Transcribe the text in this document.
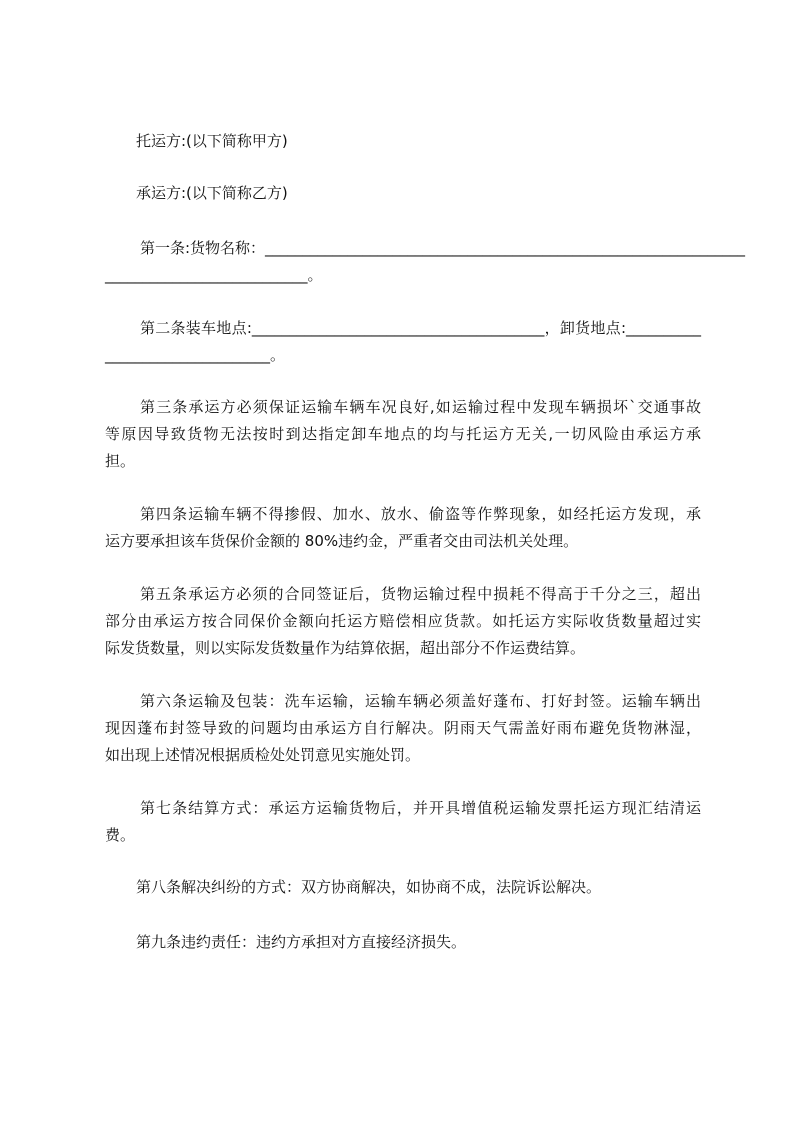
托运方:(以下简称甲方)
承运方:(以下简称乙方)
第一条:货物名称：________________________________________________________________
___________________________。
第二条装车地点:_______________________________________，卸货地点:__________
______________________。
第三条承运方必须保证运输车辆车况良好,如运输过程中发现车辆损坏`交通事故
等原因导致货物无法按时到达指定卸车地点的均与托运方无关,一切风险由承运方承
担。
第四条运输车辆不得掺假、加水、放水、偷盗等作弊现象，如经托运方发现，承
运方要承担该车货保价金额的 80%违约金，严重者交由司法机关处理。
第五条承运方必须的合同签证后，货物运输过程中损耗不得高于千分之三，超出
部分由承运方按合同保价金额向托运方赔偿相应货款。如托运方实际收货数量超过实
际发货数量，则以实际发货数量作为结算依据，超出部分不作运费结算。
第六条运输及包装：洗车运输，运输车辆必须盖好蓬布、打好封签。运输车辆出
现因蓬布封签导致的问题均由承运方自行解决。阴雨天气需盖好雨布避免货物淋湿，
如出现上述情况根据质检处处罚意见实施处罚。
第七条结算方式：承运方运输货物后，并开具增值税运输发票托运方现汇结清运
费。
第八条解决纠纷的方式：双方协商解决，如协商不成，法院诉讼解决。
第九条违约责任：违约方承担对方直接经济损失。
